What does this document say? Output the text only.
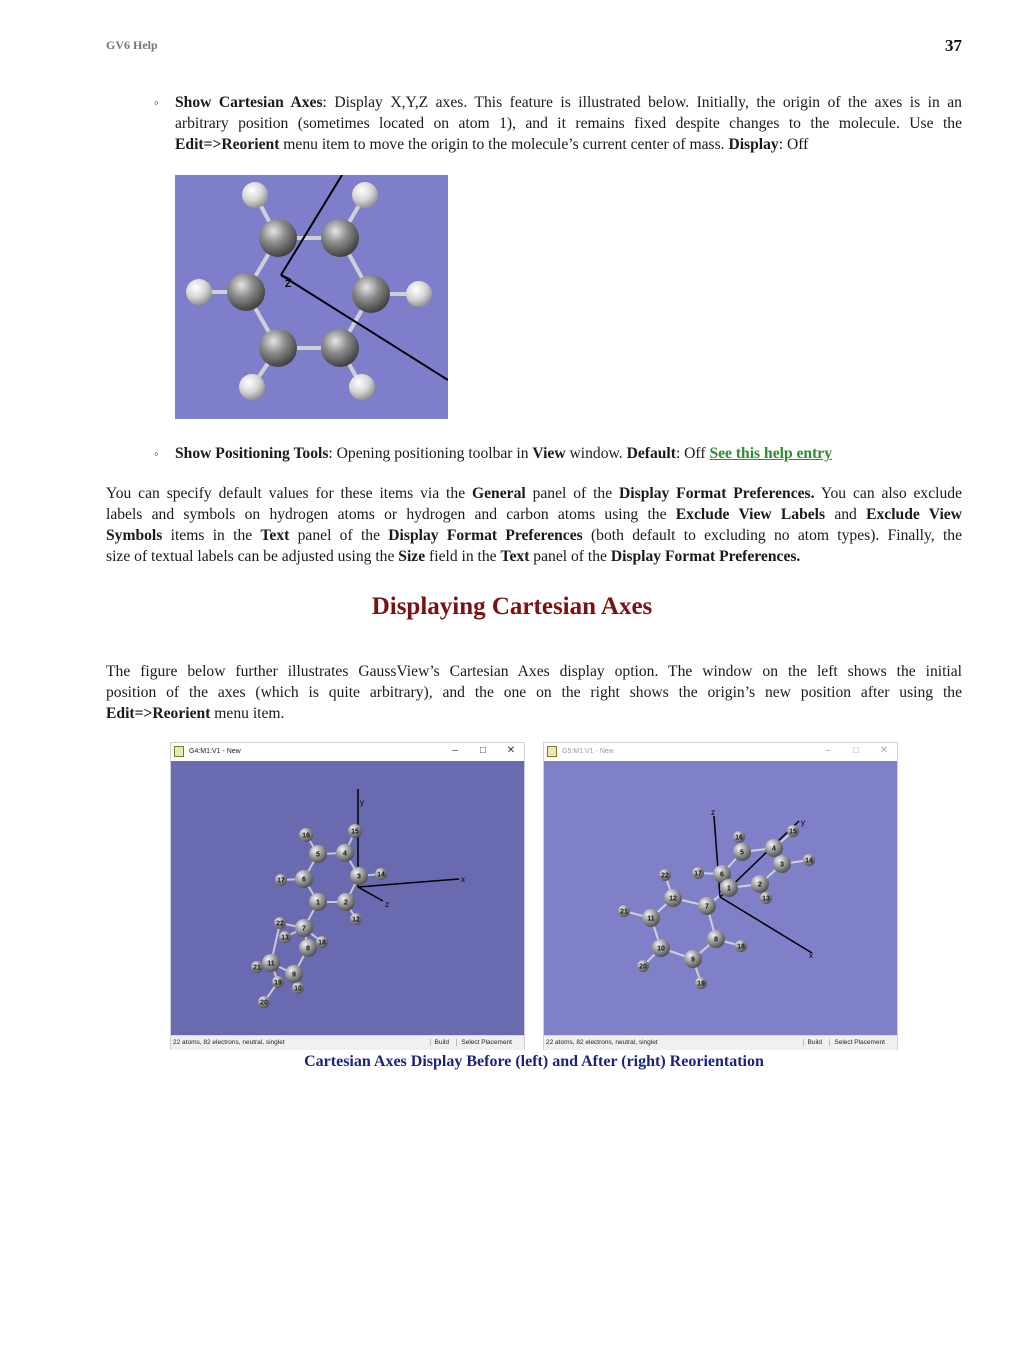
GV6 Help	37
◦ Show Cartesian Axes: Display X,Y,Z axes. This feature is illustrated below. Initially, the origin of the axes is in an
arbitrary position (sometimes located on atom 1), and it remains fixed despite changes to the molecule. Use the
Edit=>Reorient menu item to move the origin to the molecule’s current center of mass. Display: Off
Z
◦ Show Positioning Tools: Opening positioning toolbar in View window. Default: Off See this help entry
You can specify default values for these items via the General panel of the Display Format Preferences. You can also exclude
labels and symbols on hydrogen atoms or hydrogen and carbon atoms using the Exclude View Labels and Exclude View
Symbols items in the Text panel of the Display Format Preferences (both default to excluding no atom types). Finally, the
size of textual labels can be adjusted using the Size field in the Text panel of the Display Format Preferences.
Displaying Cartesian Axes
The figure below further illustrates GaussView’s Cartesian Axes display option. The window on the left shows the initial
position of the axes (which is quite arbitrary), and the one on the right shows the origin’s new position after using the
Edit=>Reorient menu item.
G4:M1:V1 - New	–	□	✕
16
15
5	4
17 6	3 14
1	2
12
22
7
13
18
8
21
11
10
9
19
20
y
x
z
22 atoms, 82 electrons, neutral, singlet	Build	Select Placement
G5:M1:V1 - New	–	□	✕
16
15
5
4
3
14
22	17	6
1
2
12
7
21
11
8
18
10
9
20
19
13
z
y
x
22 atoms, 82 electrons, neutral, singlet	Build	Select Placement
Cartesian Axes Display Before (left) and After (right) Reorientation
